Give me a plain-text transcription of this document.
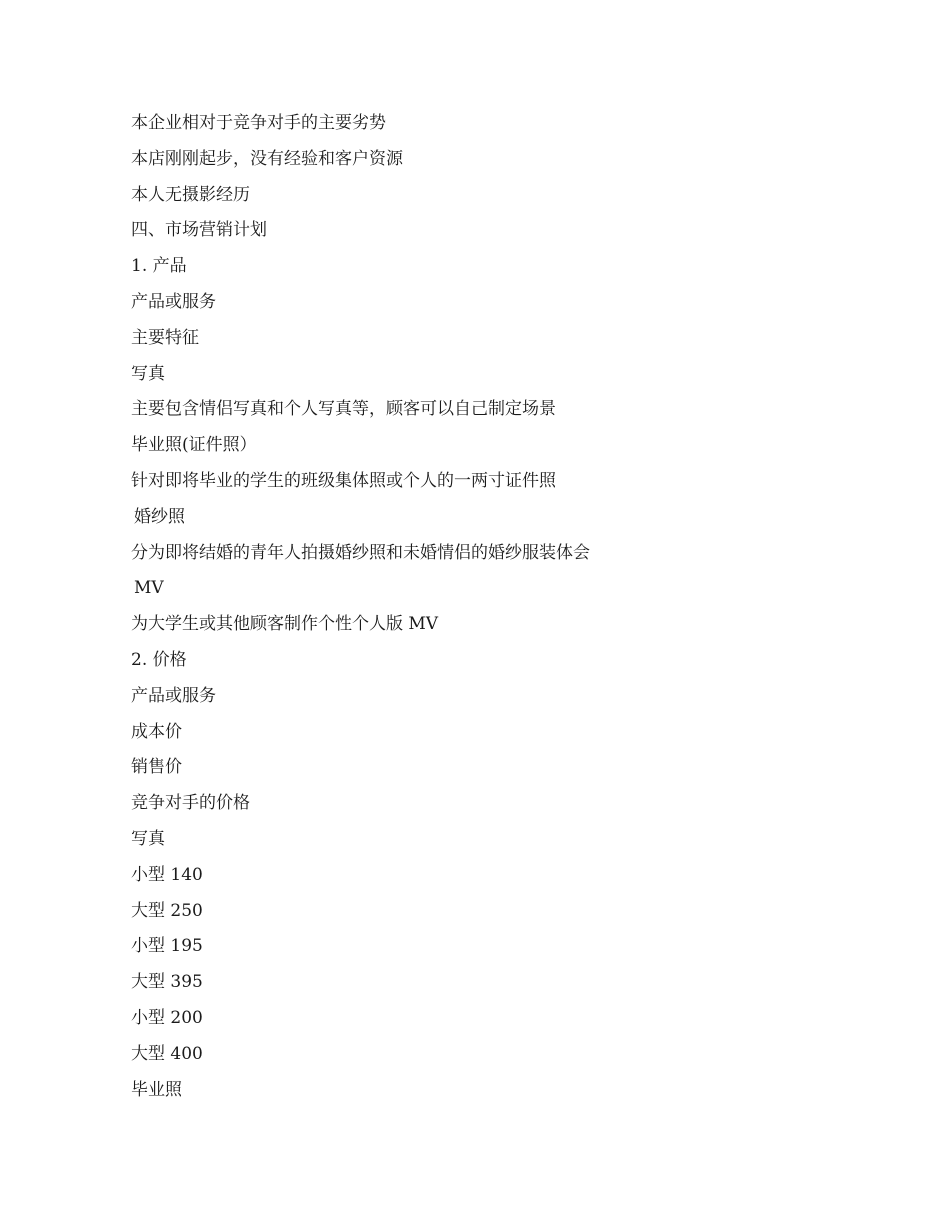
本企业相对于竞争对手的主要劣势
本店刚刚起步，没有经验和客户资源
本人无摄影经历
四、市场营销计划
1. 产品
产品或服务
主要特征
写真
主要包含情侣写真和个人写真等，顾客可以自己制定场景
毕业照(证件照）
针对即将毕业的学生的班级集体照或个人的一两寸证件照
婚纱照
分为即将结婚的青年人拍摄婚纱照和未婚情侣的婚纱服装体会
MV
为大学生或其他顾客制作个性个人版 MV
2. 价格
产品或服务
成本价
销售价
竞争对手的价格
写真
小型 140
大型 250
小型 195
大型 395
小型 200
大型 400
毕业照
